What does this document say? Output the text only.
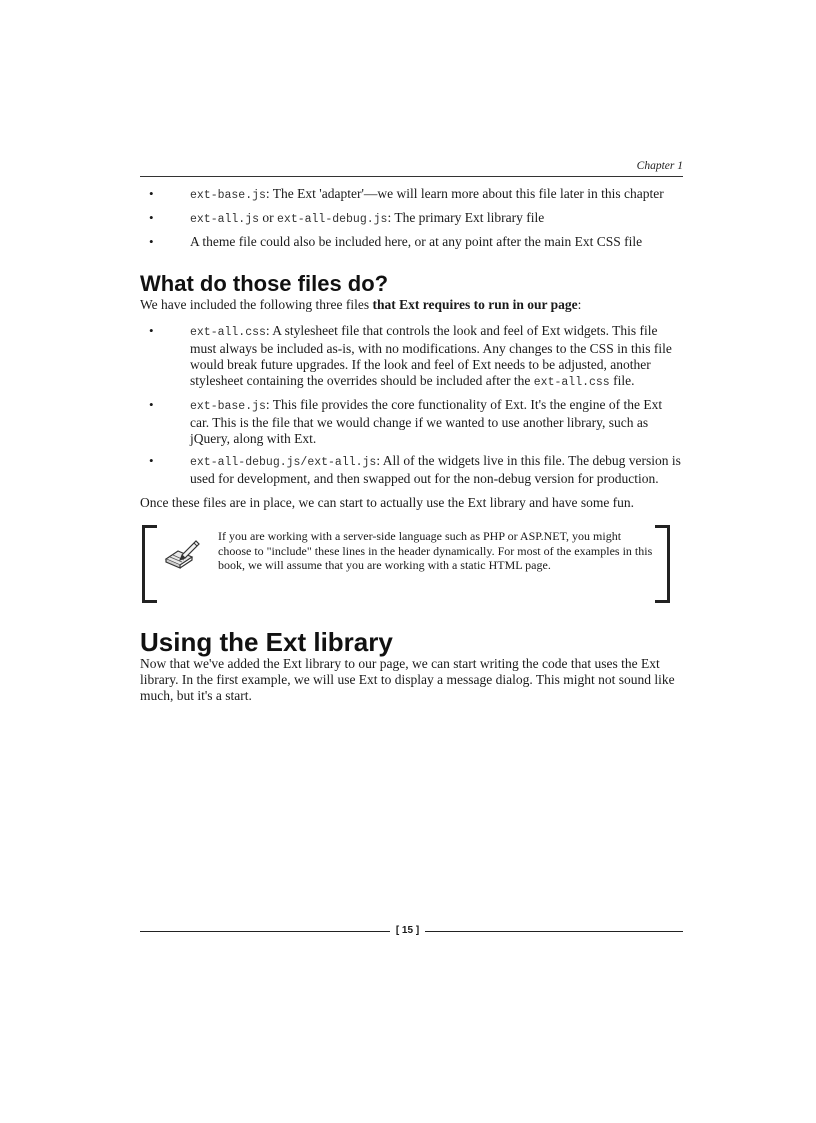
Chapter 1
•	ext-base.js: The Ext 'adapter'—we will learn more about this file later in this chapter
•	ext-all.js or ext-all-debug.js: The primary Ext library file
•	A theme file could also be included here, or at any point after the main Ext CSS file
What do those files do?

We have included the following three files that Ext requires to run in our page:

•	ext-all.css: A stylesheet file that controls the look and feel of Ext widgets. This file must always be included as-is, with no modifications. Any changes to the CSS in this file would break future upgrades. If the look and feel of Ext needs to be adjusted, another stylesheet containing the overrides should be included after the ext-all.css file.
•	ext-base.js: This file provides the core functionality of Ext. It's the engine of the Ext car. This is the file that we would change if we wanted to use another library, such as jQuery, along with Ext.
•	ext-all-debug.js/ext-all.js: All of the widgets live in this file. The debug version is used for development, and then swapped out for the non-debug version for production.

Once these files are in place, we can start to actually use the Ext library and have some fun.

If you are working with a server-side language such as PHP or ASP.NET, you might choose to "include" these lines in the header dynamically. For most of the examples in this book, we will assume that you are working with a static HTML page.
Using the Ext library

Now that we've added the Ext library to our page, we can start writing the code that uses the Ext library. In the first example, we will use Ext to display a message dialog. This might not sound like much, but it's a start.

[ 15 ]
